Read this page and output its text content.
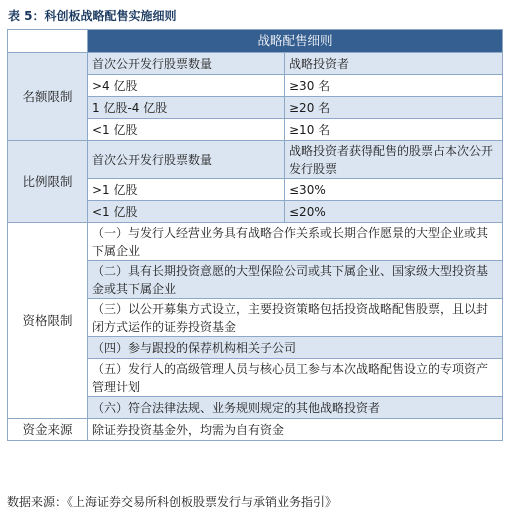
表 5：科创板战略配售实施细则
	战略配售细则	
名额限制	首次公开发行股票数量	战略投资者
	>4 亿股	≥30 名
	1 亿股-4 亿股	≥20 名
	<1 亿股	≥10 名
比例限制	首次公开发行股票数量	战略投资者获得配售的股票占本次公开发行股票
	>1 亿股	≤30%
	<1 亿股	≤20%
资格限制	（一）与发行人经营业务具有战略合作关系或长期合作愿景的大型企业或其下属企业	
	（二）具有长期投资意愿的大型保险公司或其下属企业、国家级大型投资基金或其下属企业	
	（三）以公开募集方式设立，主要投资策略包括投资战略配售股票，且以封闭方式运作的证券投资基金	
	（四）参与跟投的保荐机构相关子公司	
	（五）发行人的高级管理人员与核心员工参与本次战略配售设立的专项资产管理计划	
	（六）符合法律法规、业务规则规定的其他战略投资者	
资金来源	除证券投资基金外，均需为自有资金	
数据来源：《上海证券交易所科创板股票发行与承销业务指引》
